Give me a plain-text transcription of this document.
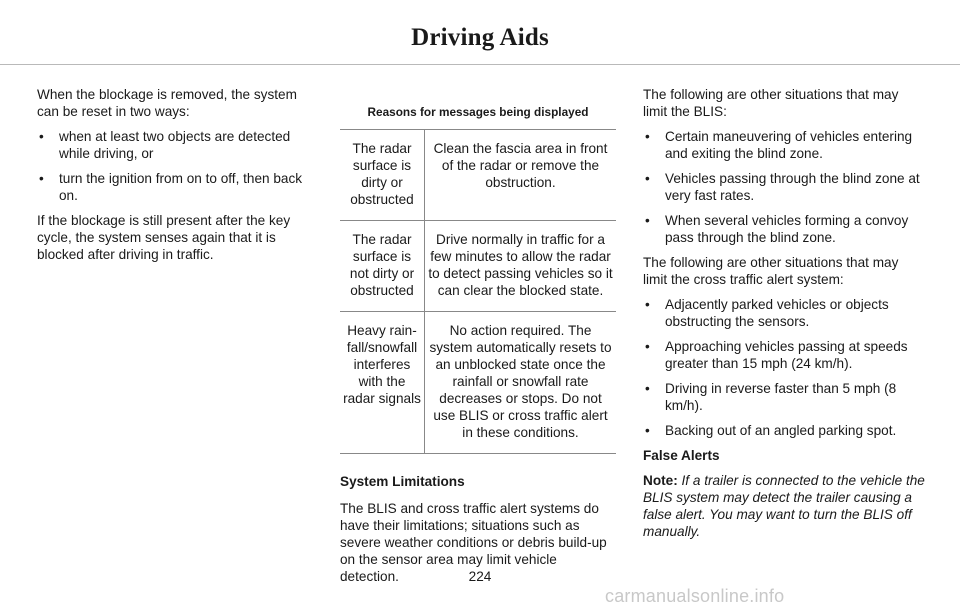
Driving Aids

When the blockage is removed, the system can be reset in two ways:

• when at least two objects are detected while driving, or
• turn the ignition from on to off, then back on.

If the blockage is still present after the key cycle, the system senses again that it is blocked after driving in traffic.

Reasons for messages being displayed	
The radar surface is dirty or obstructed	Clean the fascia area in front of the radar or remove the obstruction.
The radar surface is not dirty or obstructed	Drive normally in traffic for a few minutes to allow the radar to detect passing vehicles so it can clear the blocked state.
Heavy rain-fall/snowfall interferes with the radar signals	No action required. The system automatically resets to an unblocked state once the rainfall or snowfall rate decreases or stops. Do not use BLIS or cross traffic alert in these conditions.
System Limitations

The BLIS and cross traffic alert systems do have their limitations; situations such as severe weather conditions or debris build-up on the sensor area may limit vehicle detection.

The following are other situations that may limit the BLIS:

• Certain maneuvering of vehicles entering and exiting the blind zone.
• Vehicles passing through the blind zone at very fast rates.
• When several vehicles forming a convoy pass through the blind zone.

The following are other situations that may limit the cross traffic alert system:

• Adjacently parked vehicles or objects obstructing the sensors.
• Approaching vehicles passing at speeds greater than 15 mph (24 km/h).
• Driving in reverse faster than 5 mph (8 km/h).
• Backing out of an angled parking spot.
False Alerts

Note: If a trailer is connected to the vehicle the BLIS system may detect the trailer causing a false alert. You may want to turn the BLIS off manually.

224
carmanualsonline.info
